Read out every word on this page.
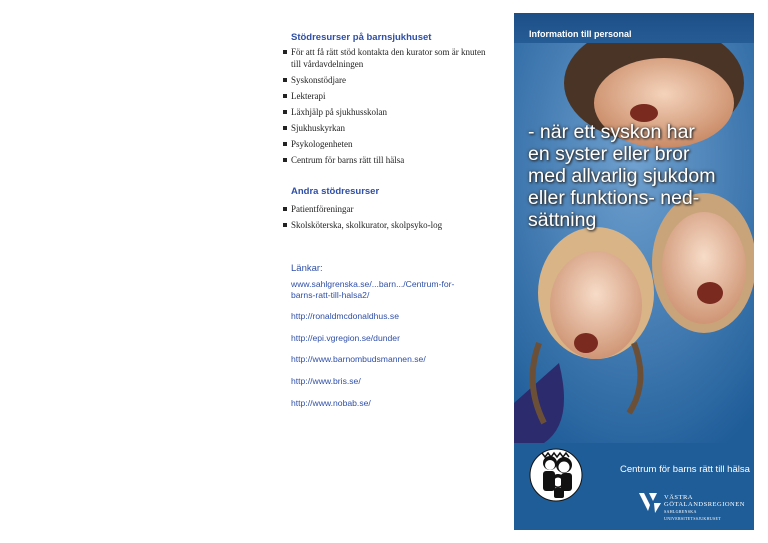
Stödresurser på barnsjukhuset
För att få rätt stöd kontakta den kurator som är knuten till vårdavdelningen
Syskonstödjare
Lekterapi
Läxhjälp på sjukhusskolan
Sjukhuskyrkan
Psykologenheten
Centrum för barns rätt till hälsa
Andra stödresurser
Patientföreningar
Skolsköterska, skolkurator, skolpsyko-log
Länkar:
www.sahlgrenska.se/...barn.../Centrum-for-barns-ratt-till-halsa2/
http://ronaldmcdonaldhus.se
http://epi.vgregion.se/dunder
http://www.barnombudsmannen.se/
http://www.bris.se/
http://www.nobab.se/
Information till personal
- när ett syskon har
en syster eller bror
med allvarlig sjukdom
eller funktions- ned-
sättning
Centrum för barns rätt till hälsa
VÄSTRA
GÖTALANDSREGIONEN
SAHLGRENSKA UNIVERSITETSSJUKHUSET
